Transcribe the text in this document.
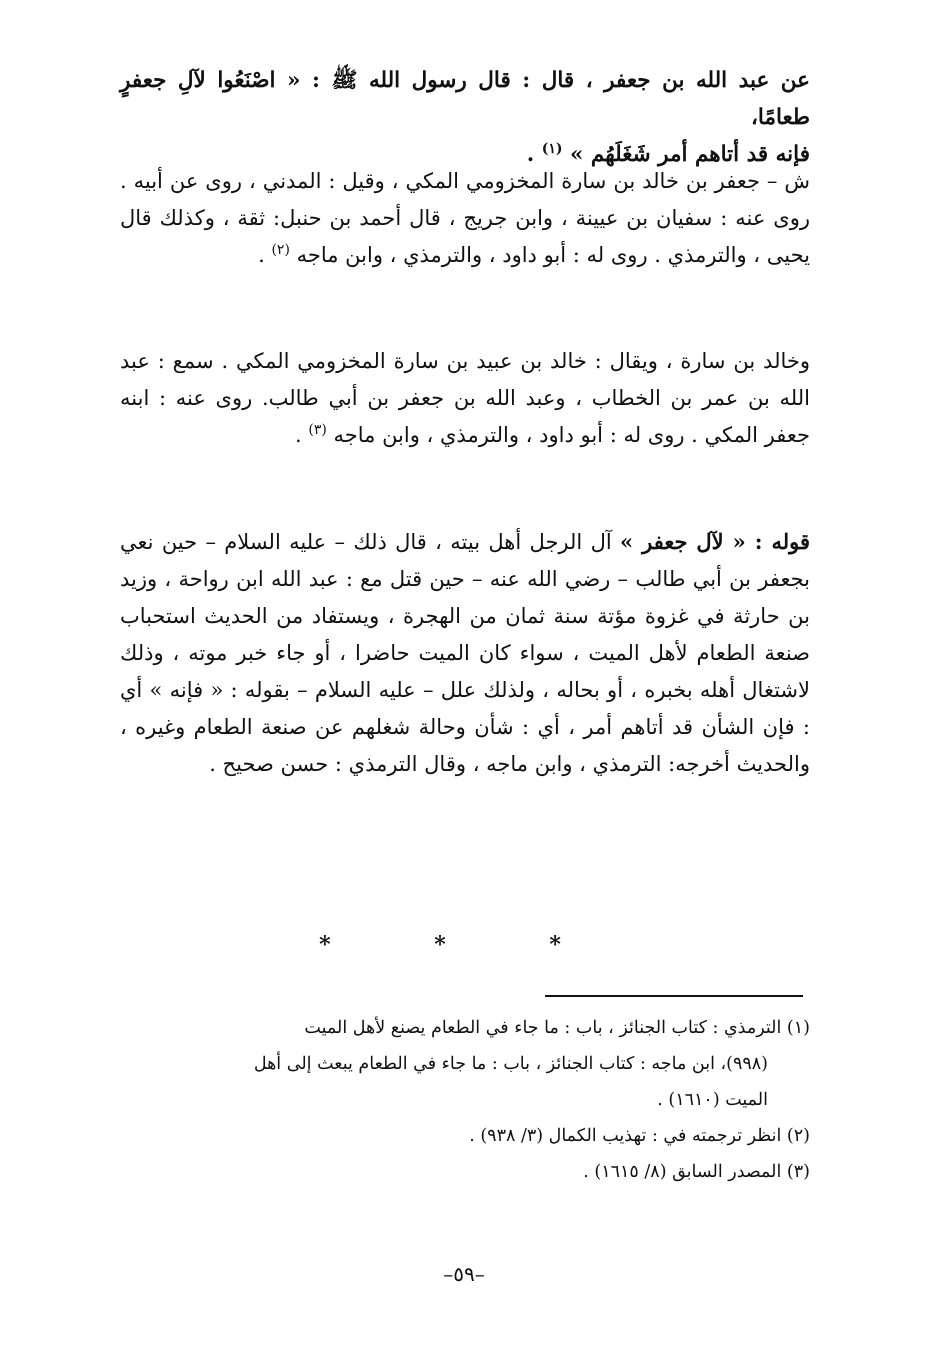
عن عبد الله بن جعفر ، قال : قال رسول الله ﷺ : « اصْنَعُوا لآلِ جعفرٍ طعامًا،

فإنه قد أتاهم أمر شَغَلَهُم » $^{(١)}$ .

ش – جعفر بن خالد بن سارة المخزومي المكي ، وقيل : المدني ، روى عن أبيه . روى عنه : سفيان بن عيينة ، وابن جريج ، قال أحمد بن حنبل: ثقة ، وكذلك قال يحيى ، والترمذي . روى له : أبو داود ، والترمذي ، وابن ماجه $^{(٢)}$ .

وخالد بن سارة ، ويقال : خالد بن عبيد بن سارة المخزومي المكي . سمع : عبد الله بن عمر بن الخطاب ، وعبد الله بن جعفر بن أبي طالب. روى عنه : ابنه جعفر المكي . روى له : أبو داود ، والترمذي ، وابن ماجه $^{(٣)}$ .

قوله : « لآل جعفر » آل الرجل أهل بيته ، قال ذلك – عليه السلام – حين نعي بجعفر بن أبي طالب – رضي الله عنه – حين قتل مع : عبد الله ابن رواحة ، وزيد بن حارثة في غزوة مؤتة سنة ثمان من الهجرة ، ويستفاد من الحديث استحباب صنعة الطعام لأهل الميت ، سواء كان الميت حاضرا ، أو جاء خبر موته ، وذلك لاشتغال أهله بخبره ، أو بحاله ، ولذلك علل – عليه السلام – بقوله : « فإنه » أي : فإن الشأن قد أتاهم أمر ، أي : شأن وحالة شغلهم عن صنعة الطعام وغيره ، والحديث أخرجه: الترمذي ، وابن ماجه ، وقال الترمذي : حسن صحيح .

* * *

(١) الترمذي : كتاب الجنائز ، باب : ما جاء في الطعام يصنع لأهل الميت

(٩٩٨)، ابن ماجه : كتاب الجنائز ، باب : ما جاء في الطعام يبعث إلى أهل

الميت (١٦١٠) .

(٢) انظر ترجمته في : تهذيب الكمال (٣/ ٩٣٨) .

(٣) المصدر السابق (٨/ ١٦١٥) .

–٥٩–
